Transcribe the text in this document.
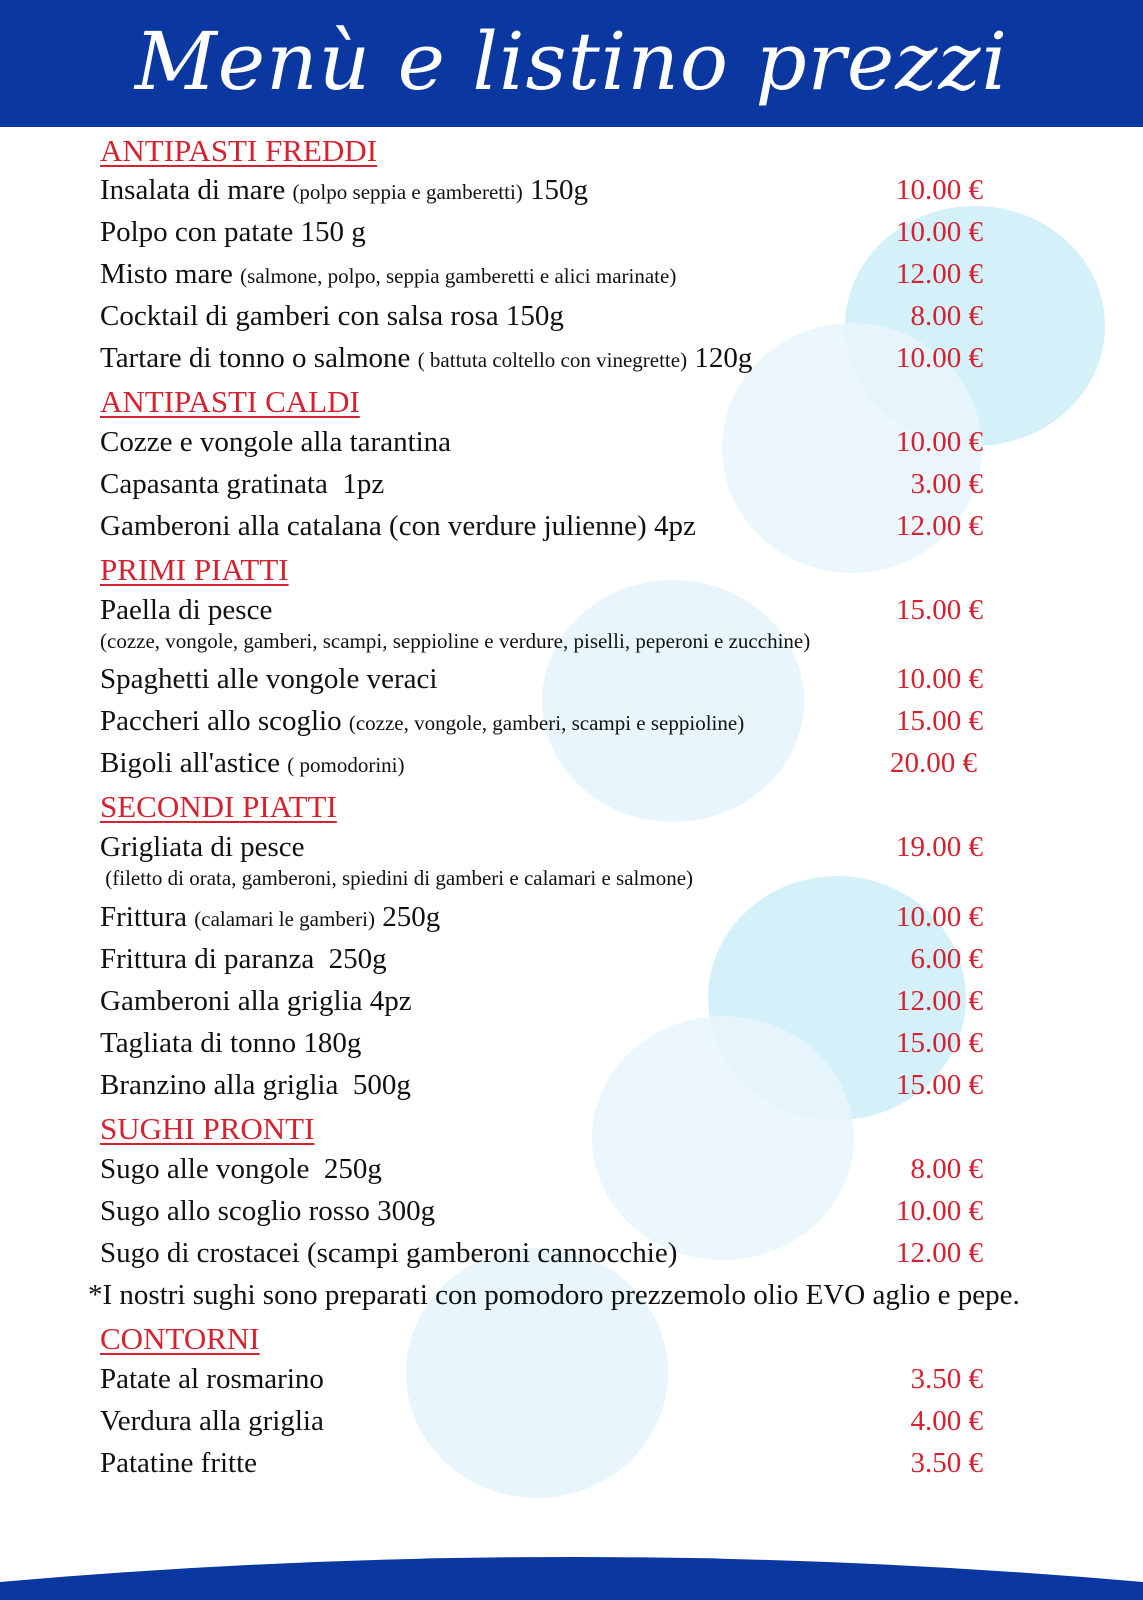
Menù e listino prezzi
ANTIPASTI FREDDI
Insalata di mare (polpo seppia e gamberetti) 150g	10.00 €
Polpo con patate 150 g	10.00 €
Misto mare (salmone, polpo, seppia gamberetti e alici marinate)	12.00 €
Cocktail di gamberi con salsa rosa 150g	8.00 €
Tartare di tonno o salmone ( battuta coltello con vinegrette) 120g	10.00 €
ANTIPASTI CALDI
Cozze e vongole alla tarantina	10.00 €
Capasanta gratinata  1pz	3.00 €
Gamberoni alla catalana (con verdure julienne) 4pz	12.00 €
PRIMI PIATTI
Paella di pesce	15.00 €
(cozze, vongole, gamberi, scampi, seppioline e verdure, piselli, peperoni e zucchine)
Spaghetti alle vongole veraci	10.00 €
Paccheri allo scoglio (cozze, vongole, gamberi, scampi e seppioline)	15.00 €
Bigoli all'astice ( pomodorini)	20.00 €
SECONDI PIATTI
Grigliata di pesce	19.00 €
(filetto di orata, gamberoni, spiedini di gamberi e calamari e salmone)
Frittura (calamari le gamberi) 250g	10.00 €
Frittura di paranza  250g	6.00 €
Gamberoni alla griglia 4pz	12.00 €
Tagliata di tonno 180g	15.00 €
Branzino alla griglia  500g	15.00 €
SUGHI PRONTI
Sugo alle vongole  250g	8.00 €
Sugo allo scoglio rosso 300g	10.00 €
Sugo di crostacei (scampi gamberoni cannocchie)	12.00 €
*I nostri sughi sono preparati con pomodoro prezzemolo olio EVO aglio e pepe.
CONTORNI
Patate al rosmarino	3.50 €
Verdura alla griglia	4.00 €
Patatine fritte	3.50 €
